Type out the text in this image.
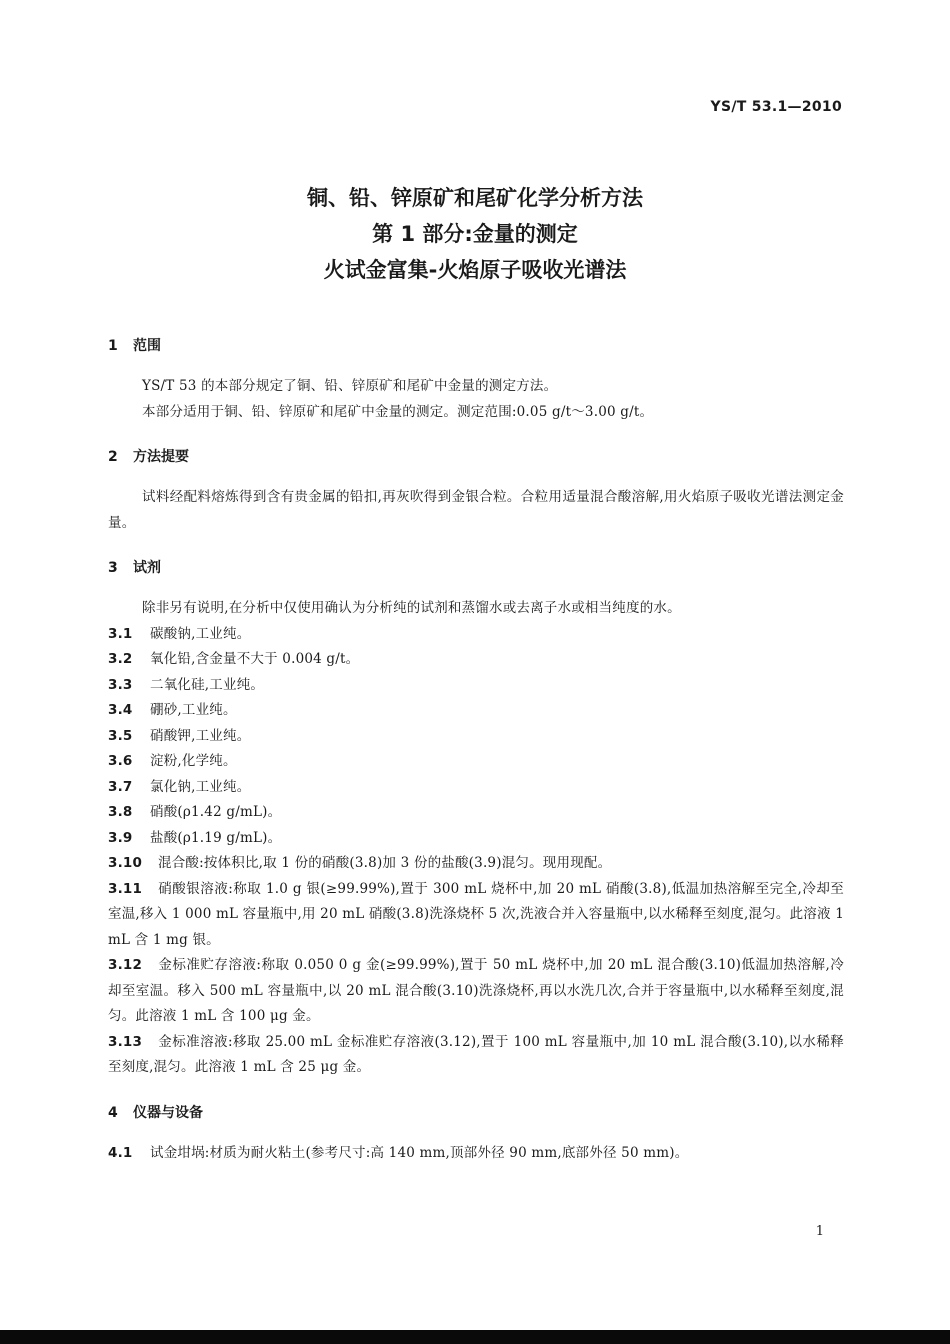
YS/T 53.1—2010
铜、铅、锌原矿和尾矿化学分析方法
第 1 部分:金量的测定
火试金富集-火焰原子吸收光谱法
1 范围
YS/T 53 的本部分规定了铜、铅、锌原矿和尾矿中金量的测定方法。
本部分适用于铜、铅、锌原矿和尾矿中金量的测定。测定范围:0.05 g/t～3.00 g/t。
2 方法提要
试料经配料熔炼得到含有贵金属的铅扣,再灰吹得到金银合粒。合粒用适量混合酸溶解,用火焰原子吸收光谱法测定金量。
3 试剂
除非另有说明,在分析中仅使用确认为分析纯的试剂和蒸馏水或去离子水或相当纯度的水。
3.1 碳酸钠,工业纯。
3.2 氧化铅,含金量不大于 0.004 g/t。
3.3 二氧化硅,工业纯。
3.4 硼砂,工业纯。
3.5 硝酸钾,工业纯。
3.6 淀粉,化学纯。
3.7 氯化钠,工业纯。
3.8 硝酸(ρ1.42 g/mL)。
3.9 盐酸(ρ1.19 g/mL)。
3.10 混合酸:按体积比,取 1 份的硝酸(3.8)加 3 份的盐酸(3.9)混匀。现用现配。
3.11 硝酸银溶液:称取 1.0 g 银(≥99.99%),置于 300 mL 烧杯中,加 20 mL 硝酸(3.8),低温加热溶解至完全,冷却至室温,移入 1 000 mL 容量瓶中,用 20 mL 硝酸(3.8)洗涤烧杯 5 次,洗液合并入容量瓶中,以水稀释至刻度,混匀。此溶液 1 mL 含 1 mg 银。
3.12 金标准贮存溶液:称取 0.050 0 g 金(≥99.99%),置于 50 mL 烧杯中,加 20 mL 混合酸(3.10)低温加热溶解,冷却至室温。移入 500 mL 容量瓶中,以 20 mL 混合酸(3.10)洗涤烧杯,再以水洗几次,合并于容量瓶中,以水稀释至刻度,混匀。此溶液 1 mL 含 100 μg 金。
3.13 金标准溶液:移取 25.00 mL 金标准贮存溶液(3.12),置于 100 mL 容量瓶中,加 10 mL 混合酸(3.10),以水稀释至刻度,混匀。此溶液 1 mL 含 25 μg 金。
4 仪器与设备
4.1 试金坩埚:材质为耐火粘土(参考尺寸:高 140 mm,顶部外径 90 mm,底部外径 50 mm)。
1
